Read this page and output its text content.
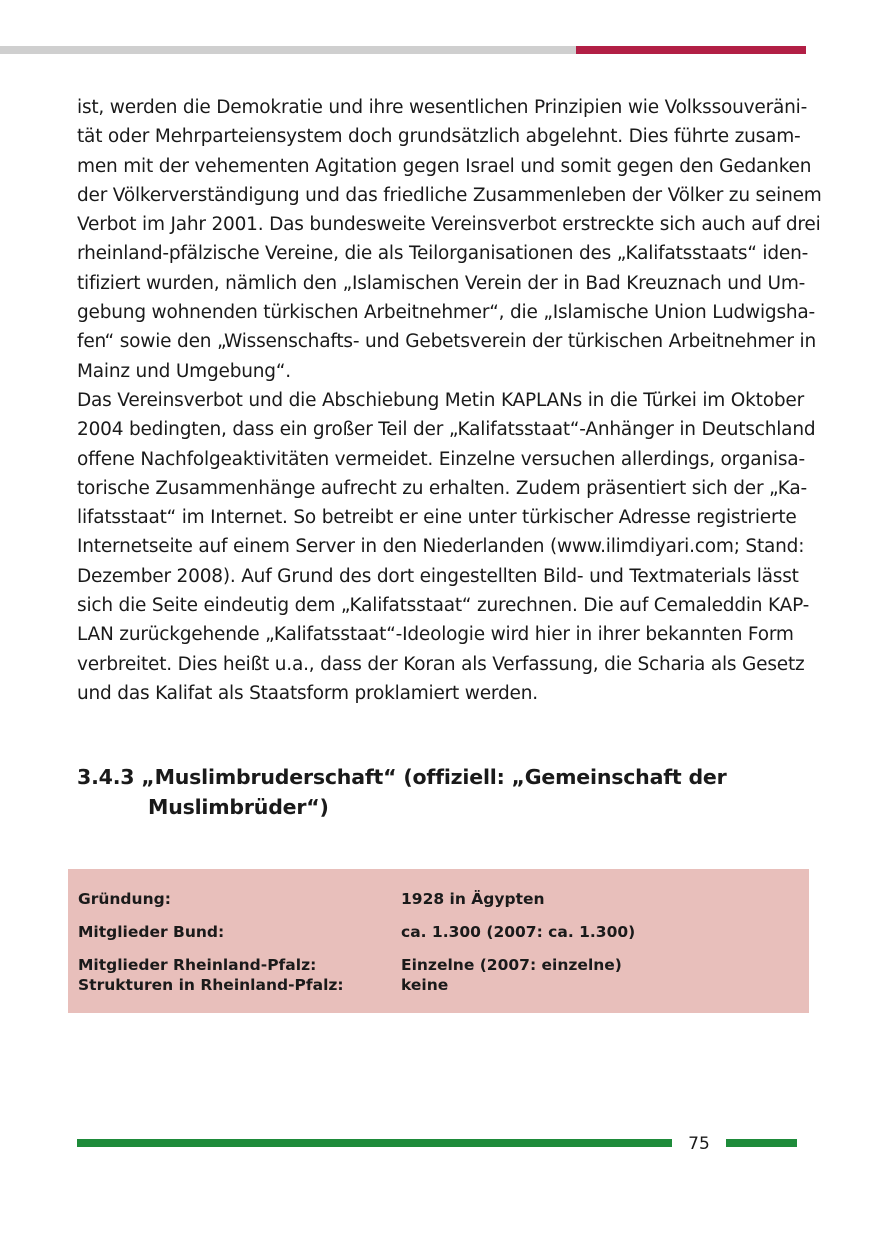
ist, werden die Demokratie und ihre wesentlichen Prinzipien wie Volkssouveräni-
tät oder Mehrparteiensystem doch grundsätzlich abgelehnt. Dies führte zusam-
men mit der vehementen Agitation gegen Israel und somit gegen den Gedanken
der Völkerverständigung und das friedliche Zusammenleben der Völker zu seinem
Verbot im Jahr 2001. Das bundesweite Vereinsverbot erstreckte sich auch auf drei
rheinland-pfälzische Vereine, die als Teilorganisationen des „Kalifatsstaats“ iden-
tifiziert wurden, nämlich den „Islamischen Verein der in Bad Kreuznach und Um-
gebung wohnenden türkischen Arbeitnehmer“, die „Islamische Union Ludwigsha-
fen“ sowie den „Wissenschafts- und Gebetsverein der türkischen Arbeitnehmer in
Mainz und Umgebung“.
Das Vereinsverbot und die Abschiebung Metin KAPLANs in die Türkei im Oktober
2004 bedingten, dass ein großer Teil der „Kalifatsstaat“-Anhänger in Deutschland
offene Nachfolgeaktivitäten vermeidet. Einzelne versuchen allerdings, organisa-
torische Zusammenhänge aufrecht zu erhalten. Zudem präsentiert sich der „Ka-
lifatsstaat“ im Internet. So betreibt er eine unter türkischer Adresse registrierte
Internetseite auf einem Server in den Niederlanden (www.ilimdiyari.com; Stand:
Dezember 2008). Auf Grund des dort eingestellten Bild- und Textmaterials lässt
sich die Seite eindeutig dem „Kalifatsstaat“ zurechnen. Die auf Cemaleddin KAP-
LAN zurückgehende „Kalifatsstaat“-Ideologie wird hier in ihrer bekannten Form
verbreitet. Dies heißt u.a., dass der Koran als Verfassung, die Scharia als Gesetz
und das Kalifat als Staatsform proklamiert werden.
3.4.3 „Muslimbruderschaft“ (offiziell: „Gemeinschaft der
Muslimbrüder“)
Gründung:	1928 in Ägypten
Mitglieder Bund:	ca. 1.300 (2007: ca. 1.300)
Mitglieder Rheinland-Pfalz:	Einzelne (2007: einzelne)
Strukturen in Rheinland-Pfalz:	keine
75
